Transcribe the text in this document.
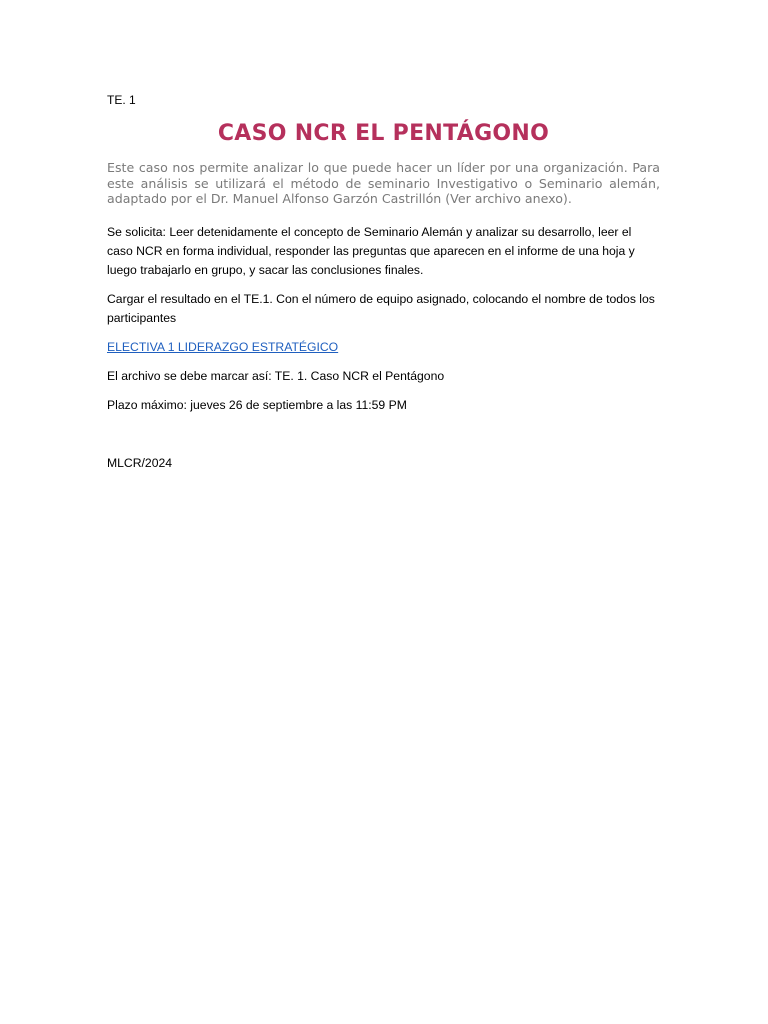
TE. 1

CASO NCR EL PENTÁGONO

Este caso nos permite analizar lo que puede hacer un líder por una organización. Para este análisis se utilizará el método de seminario Investigativo o Seminario alemán, adaptado por el Dr. Manuel Alfonso Garzón Castrillón (Ver archivo anexo).

Se solicita: Leer detenidamente el concepto de Seminario Alemán y analizar su desarrollo, leer el caso NCR en forma individual, responder las preguntas que aparecen en el informe de una hoja y luego trabajarlo en grupo, y sacar las conclusiones finales.

Cargar el resultado en el TE.1. Con el número de equipo asignado, colocando el nombre de todos los participantes

ELECTIVA 1 LIDERAZGO ESTRATÉGICO

El archivo se debe marcar así: TE. 1. Caso NCR el Pentágono

Plazo máximo: jueves 26 de septiembre a las 11:59 PM

MLCR/2024
